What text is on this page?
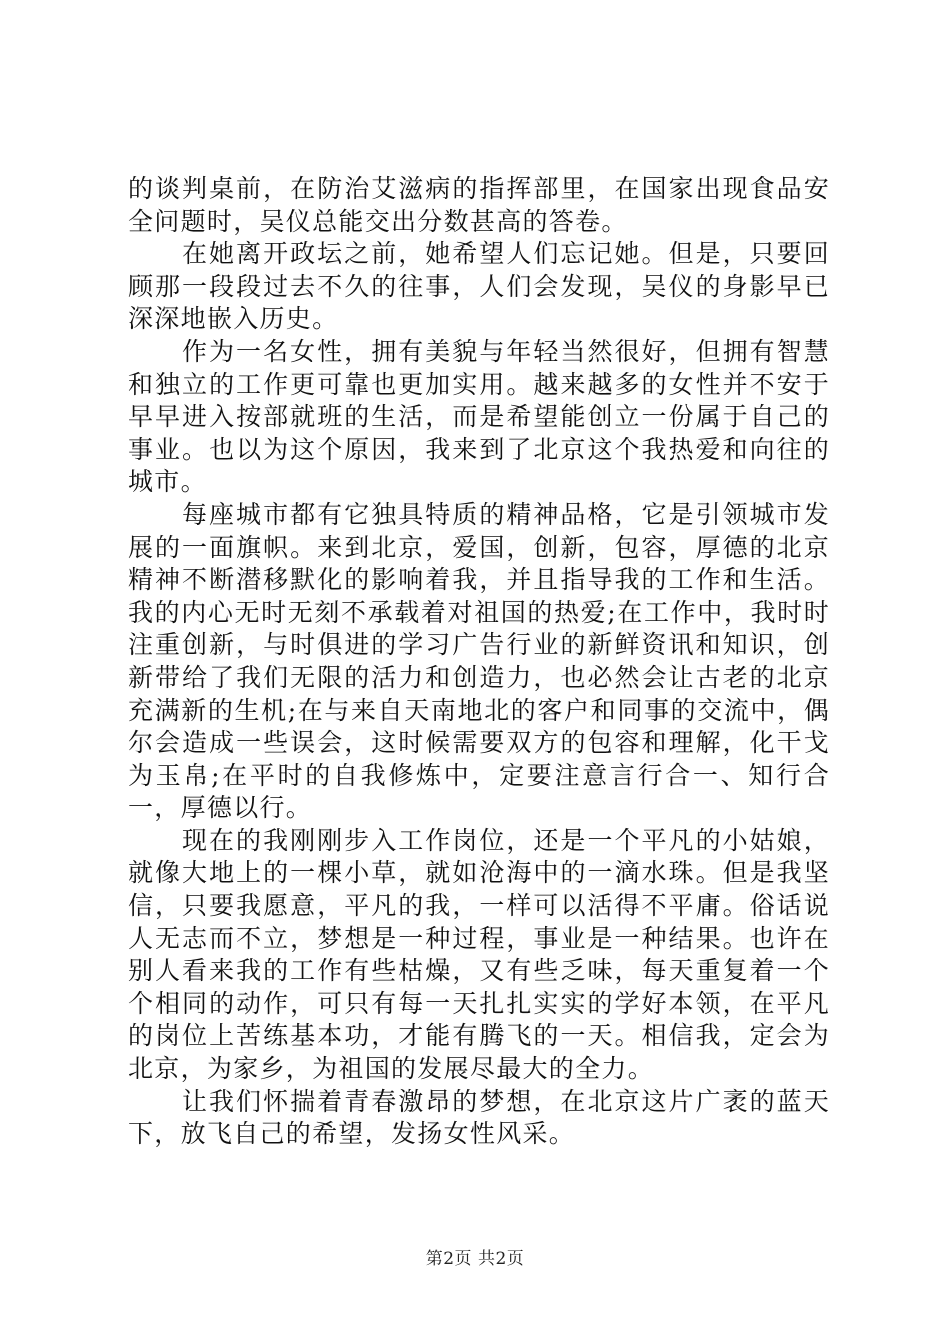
的谈判桌前，在防治艾滋病的指挥部里，在国家出现食品安全问题时，吴仪总能交出分数甚高的答卷。

在她离开政坛之前，她希望人们忘记她。但是，只要回顾那一段段过去不久的往事，人们会发现，吴仪的身影早已深深地嵌入历史。

作为一名女性，拥有美貌与年轻当然很好，但拥有智慧和独立的工作更可靠也更加实用。越来越多的女性并不安于早早进入按部就班的生活，而是希望能创立一份属于自己的事业。也以为这个原因，我来到了北京这个我热爱和向往的城市。

每座城市都有它独具特质的精神品格，它是引领城市发展的一面旗帜。来到北京，爱国，创新，包容，厚德的北京精神不断潜移默化的影响着我，并且指导我的工作和生活。我的内心无时无刻不承载着对祖国的热爱;在工作中，我时时注重创新，与时俱进的学习广告行业的新鲜资讯和知识，创新带给了我们无限的活力和创造力，也必然会让古老的北京充满新的生机;在与来自天南地北的客户和同事的交流中，偶尔会造成一些误会，这时候需要双方的包容和理解，化干戈为玉帛;在平时的自我修炼中，定要注意言行合一、知行合一，厚德以行。

现在的我刚刚步入工作岗位，还是一个平凡的小姑娘，就像大地上的一棵小草，就如沧海中的一滴水珠。但是我坚信，只要我愿意，平凡的我，一样可以活得不平庸。俗话说人无志而不立，梦想是一种过程，事业是一种结果。也许在别人看来我的工作有些枯燥，又有些乏味，每天重复着一个个相同的动作，可只有每一天扎扎实实的学好本领，在平凡的岗位上苦练基本功，才能有腾飞的一天。相信我，定会为北京，为家乡，为祖国的发展尽最大的全力。

让我们怀揣着青春激昂的梦想，在北京这片广袤的蓝天下，放飞自己的希望，发扬女性风采。

第2页 共2页
